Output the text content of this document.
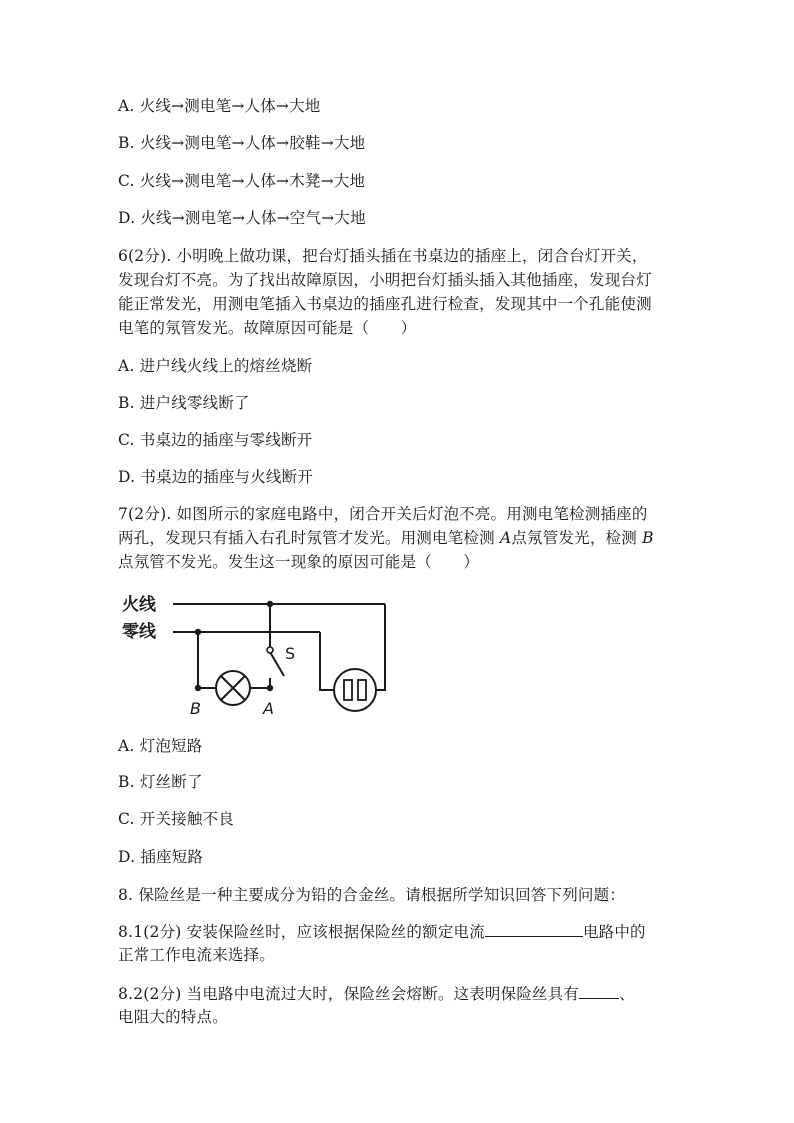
A. 火线→测电笔→人体→大地
B. 火线→测电笔→人体→胶鞋→大地
C. 火线→测电笔→人体→木凳→大地
D. 火线→测电笔→人体→空气→大地
6(2分). 小明晚上做功课，把台灯插头插在书桌边的插座上，闭合台灯开关，
发现台灯不亮。为了找出故障原因，小明把台灯插头插入其他插座，发现台灯
能正常发光，用测电笔插入书桌边的插座孔进行检查，发现其中一个孔能使测
电笔的氖管发光。故障原因可能是（　　）
A. 进户线火线上的熔丝烧断
B. 进户线零线断了
C. 书桌边的插座与零线断开
D. 书桌边的插座与火线断开
7(2分). 如图所示的家庭电路中，闭合开关后灯泡不亮。用测电笔检测插座的
两孔，发现只有插入右孔时氖管才发光。用测电笔检测 A点氖管发光，检测 B
点氖管不发光。发生这一现象的原因可能是（　　）
火线
零线
S
B	A
A. 灯泡短路
B. 灯丝断了
C. 开关接触不良
D. 插座短路
8. 保险丝是一种主要成分为铅的合金丝。请根据所学知识回答下列问题：
8.1(2分) 安装保险丝时，应该根据保险丝的额定电流	电路中的
正常工作电流来选择。
8.2(2分) 当电路中电流过大时，保险丝会熔断。这表明保险丝具有	、
电阻大的特点。
